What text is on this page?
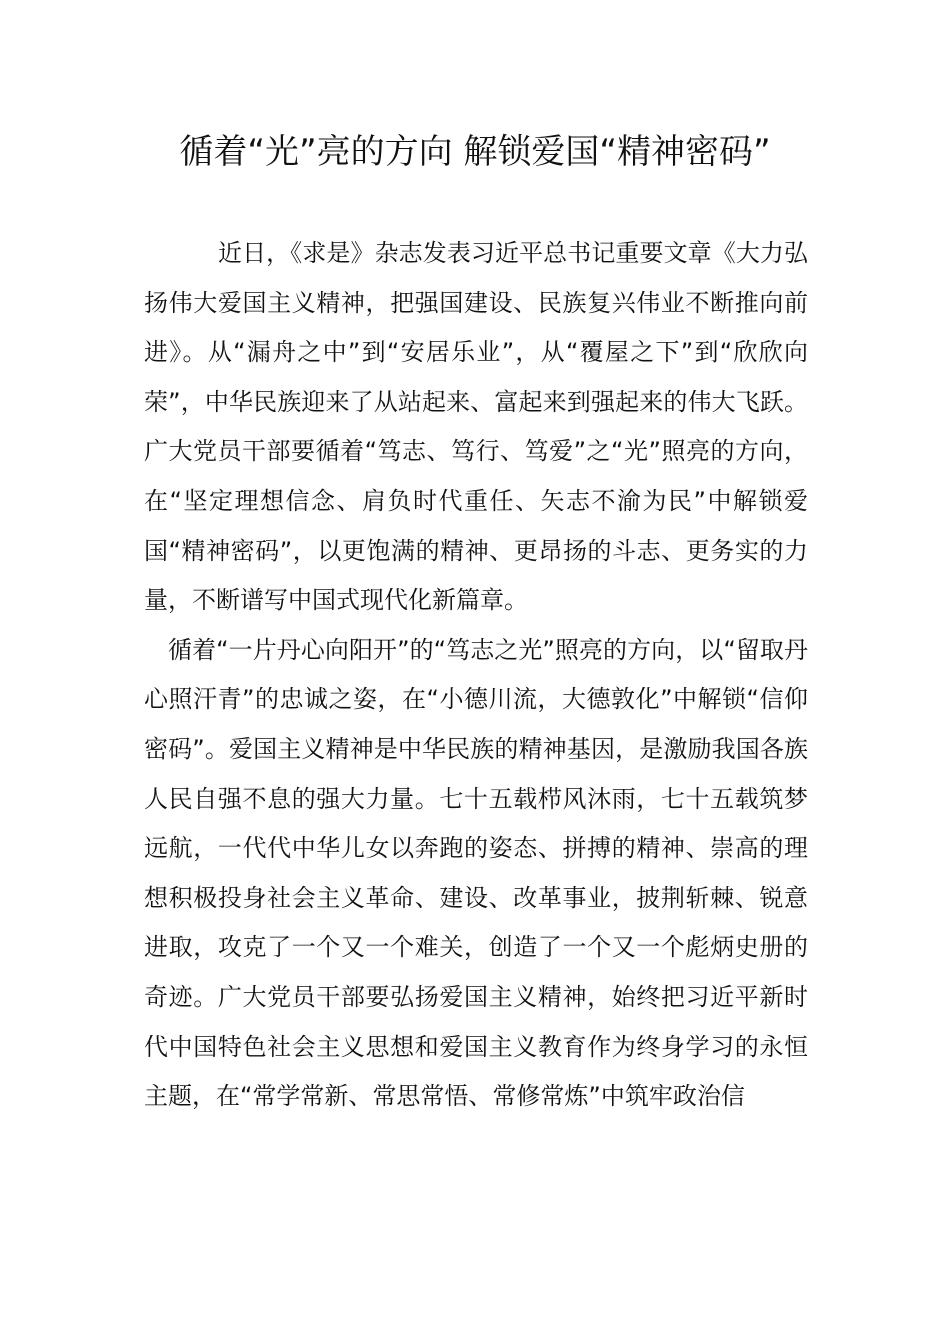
循着“光”亮的方向 解锁爱国“精神密码”

近日，《求是》杂志发表习近平总书记重要文章《大力弘扬伟大爱国主义精神，把强国建设、民族复兴伟业不断推向前进》。从“漏舟之中”到“安居乐业”，从“覆屋之下”到“欣欣向荣”，中华民族迎来了从站起来、富起来到强起来的伟大飞跃。广大党员干部要循着“笃志、笃行、笃爱”之“光”照亮的方向，在“坚定理想信念、肩负时代重任、矢志不渝为民”中解锁爱国“精神密码”，以更饱满的精神、更昂扬的斗志、更务实的力量，不断谱写中国式现代化新篇章。

循着“一片丹心向阳开”的“笃志之光”照亮的方向，以“留取丹心照汗青”的忠诚之姿，在“小德川流，大德敦化”中解锁“信仰密码”。爱国主义精神是中华民族的精神基因，是激励我国各族人民自强不息的强大力量。七十五载栉风沐雨，七十五载筑梦远航，一代代中华儿女以奔跑的姿态、拼搏的精神、崇高的理想积极投身社会主义革命、建设、改革事业，披荆斩棘、锐意进取，攻克了一个又一个难关，创造了一个又一个彪炳史册的奇迹。广大党员干部要弘扬爱国主义精神，始终把习近平新时代中国特色社会主义思想和爱国主义教育作为终身学习的永恒主题，在“常学常新、常思常悟、常修常炼”中筑牢政治信
